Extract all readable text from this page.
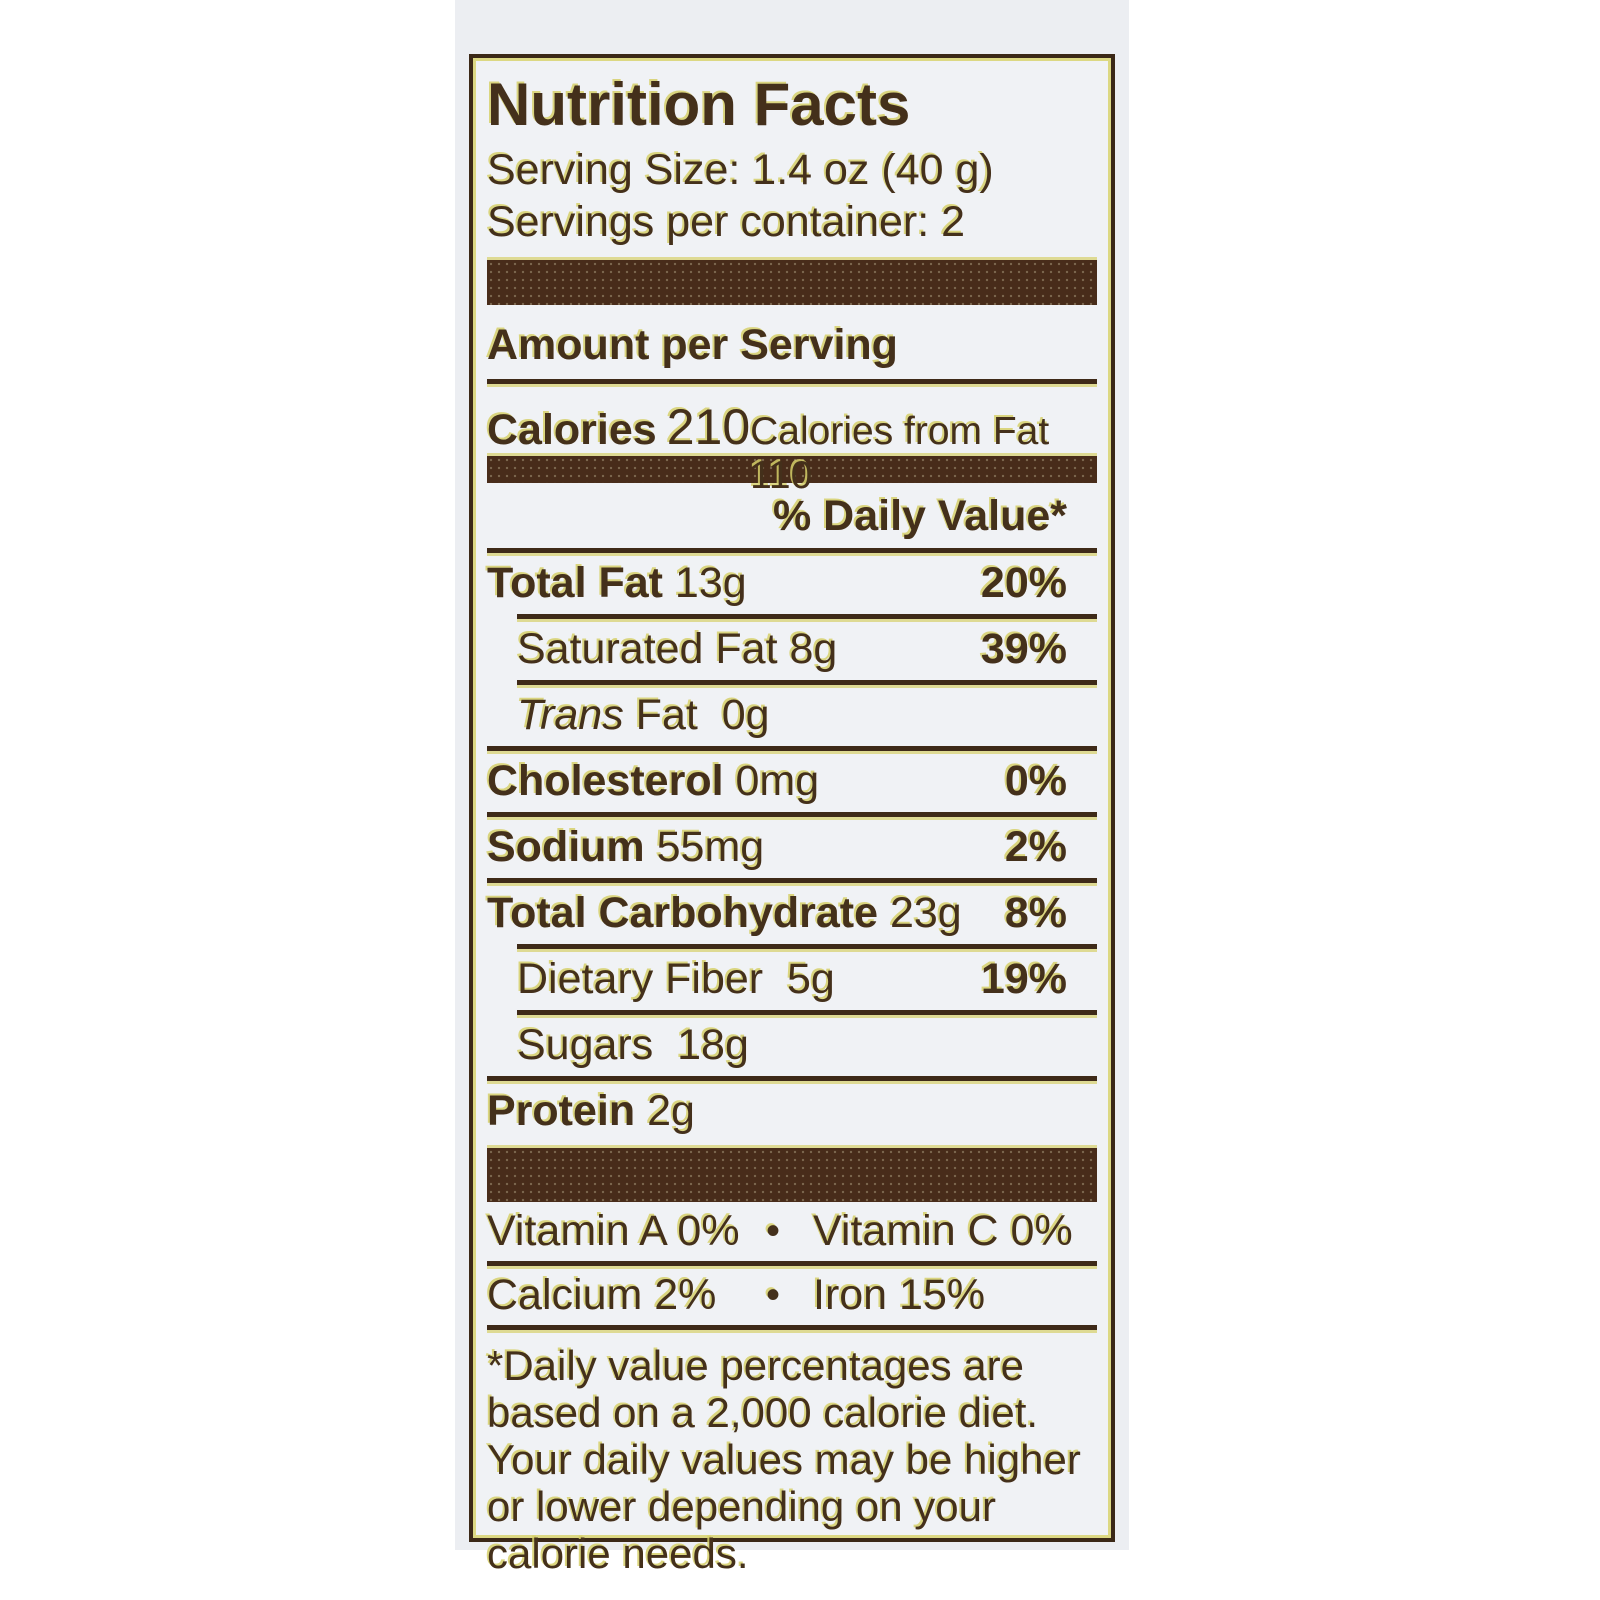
Nutrition Facts
Serving Size: 1.4 oz (40 g)
Servings per container: 2
Amount per Serving
Calories 210 Calories from Fat 110
% Daily Value*
Total Fat 13g	20%
Saturated Fat 8g	39%
Trans Fat  0g
Cholesterol 0mg	0%
Sodium 55mg	2%
Total Carbohydrate 23g 8%
Dietary Fiber  5g	19%
Sugars  18g
Protein 2g
Vitamin A 0% • Vitamin C 0%
Calcium 2%	• Iron 15%
*Daily value percentages are based on a 2,000 calorie diet. Your daily values may be higher or lower depending on your calorie needs.
